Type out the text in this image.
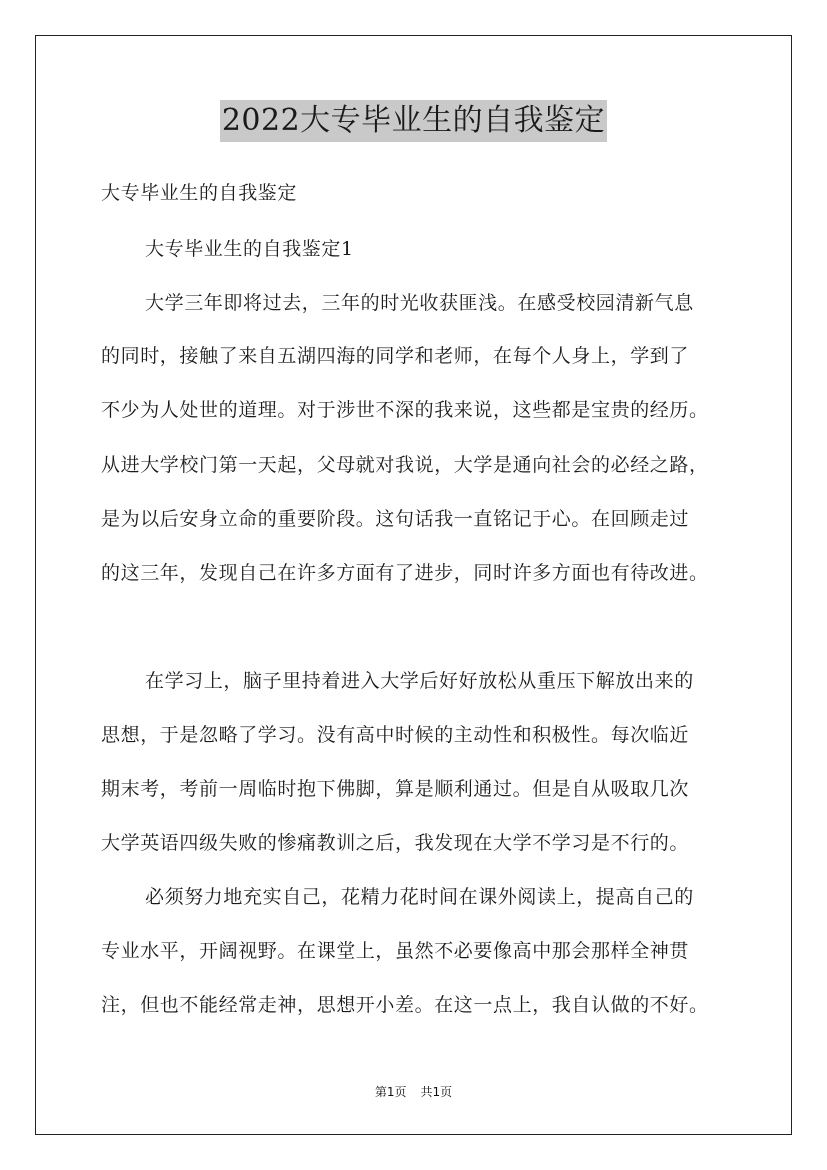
2022大专毕业生的自我鉴定
大专毕业生的自我鉴定
大专毕业生的自我鉴定1
大学三年即将过去，三年的时光收获匪浅。在感受校园清新气息
的同时，接触了来自五湖四海的同学和老师，在每个人身上，学到了
不少为人处世的道理。对于涉世不深的我来说，这些都是宝贵的经历。
从进大学校门第一天起，父母就对我说，大学是通向社会的必经之路，
是为以后安身立命的重要阶段。这句话我一直铭记于心。在回顾走过
的这三年，发现自己在许多方面有了进步，同时许多方面也有待改进。
在学习上，脑子里持着进入大学后好好放松从重压下解放出来的
思想，于是忽略了学习。没有高中时候的主动性和积极性。每次临近
期末考，考前一周临时抱下佛脚，算是顺利通过。但是自从吸取几次
大学英语四级失败的惨痛教训之后，我发现在大学不学习是不行的。
必须努力地充实自己，花精力花时间在课外阅读上，提高自己的
专业水平，开阔视野。在课堂上，虽然不必要像高中那会那样全神贯
注，但也不能经常走神，思想开小差。在这一点上，我自认做的不好。
第1页 共1页
